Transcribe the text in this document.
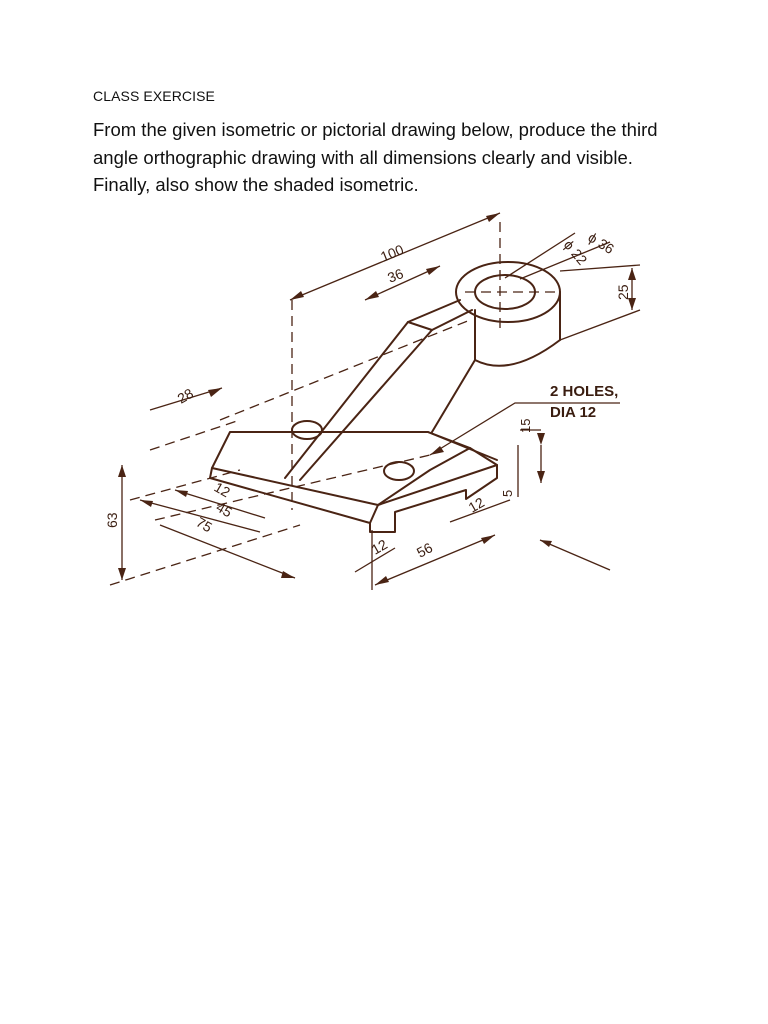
CLASS EXERCISE
From the given isometric or pictorial drawing below, produce the third angle orthographic drawing with all dimensions clearly and visible. Finally, also show the shaded isometric.
100
36
ϕ 36
ϕ 22
25
28
63
12
45
75
12 56
12
5
15
2 HOLES,
DIA 12
